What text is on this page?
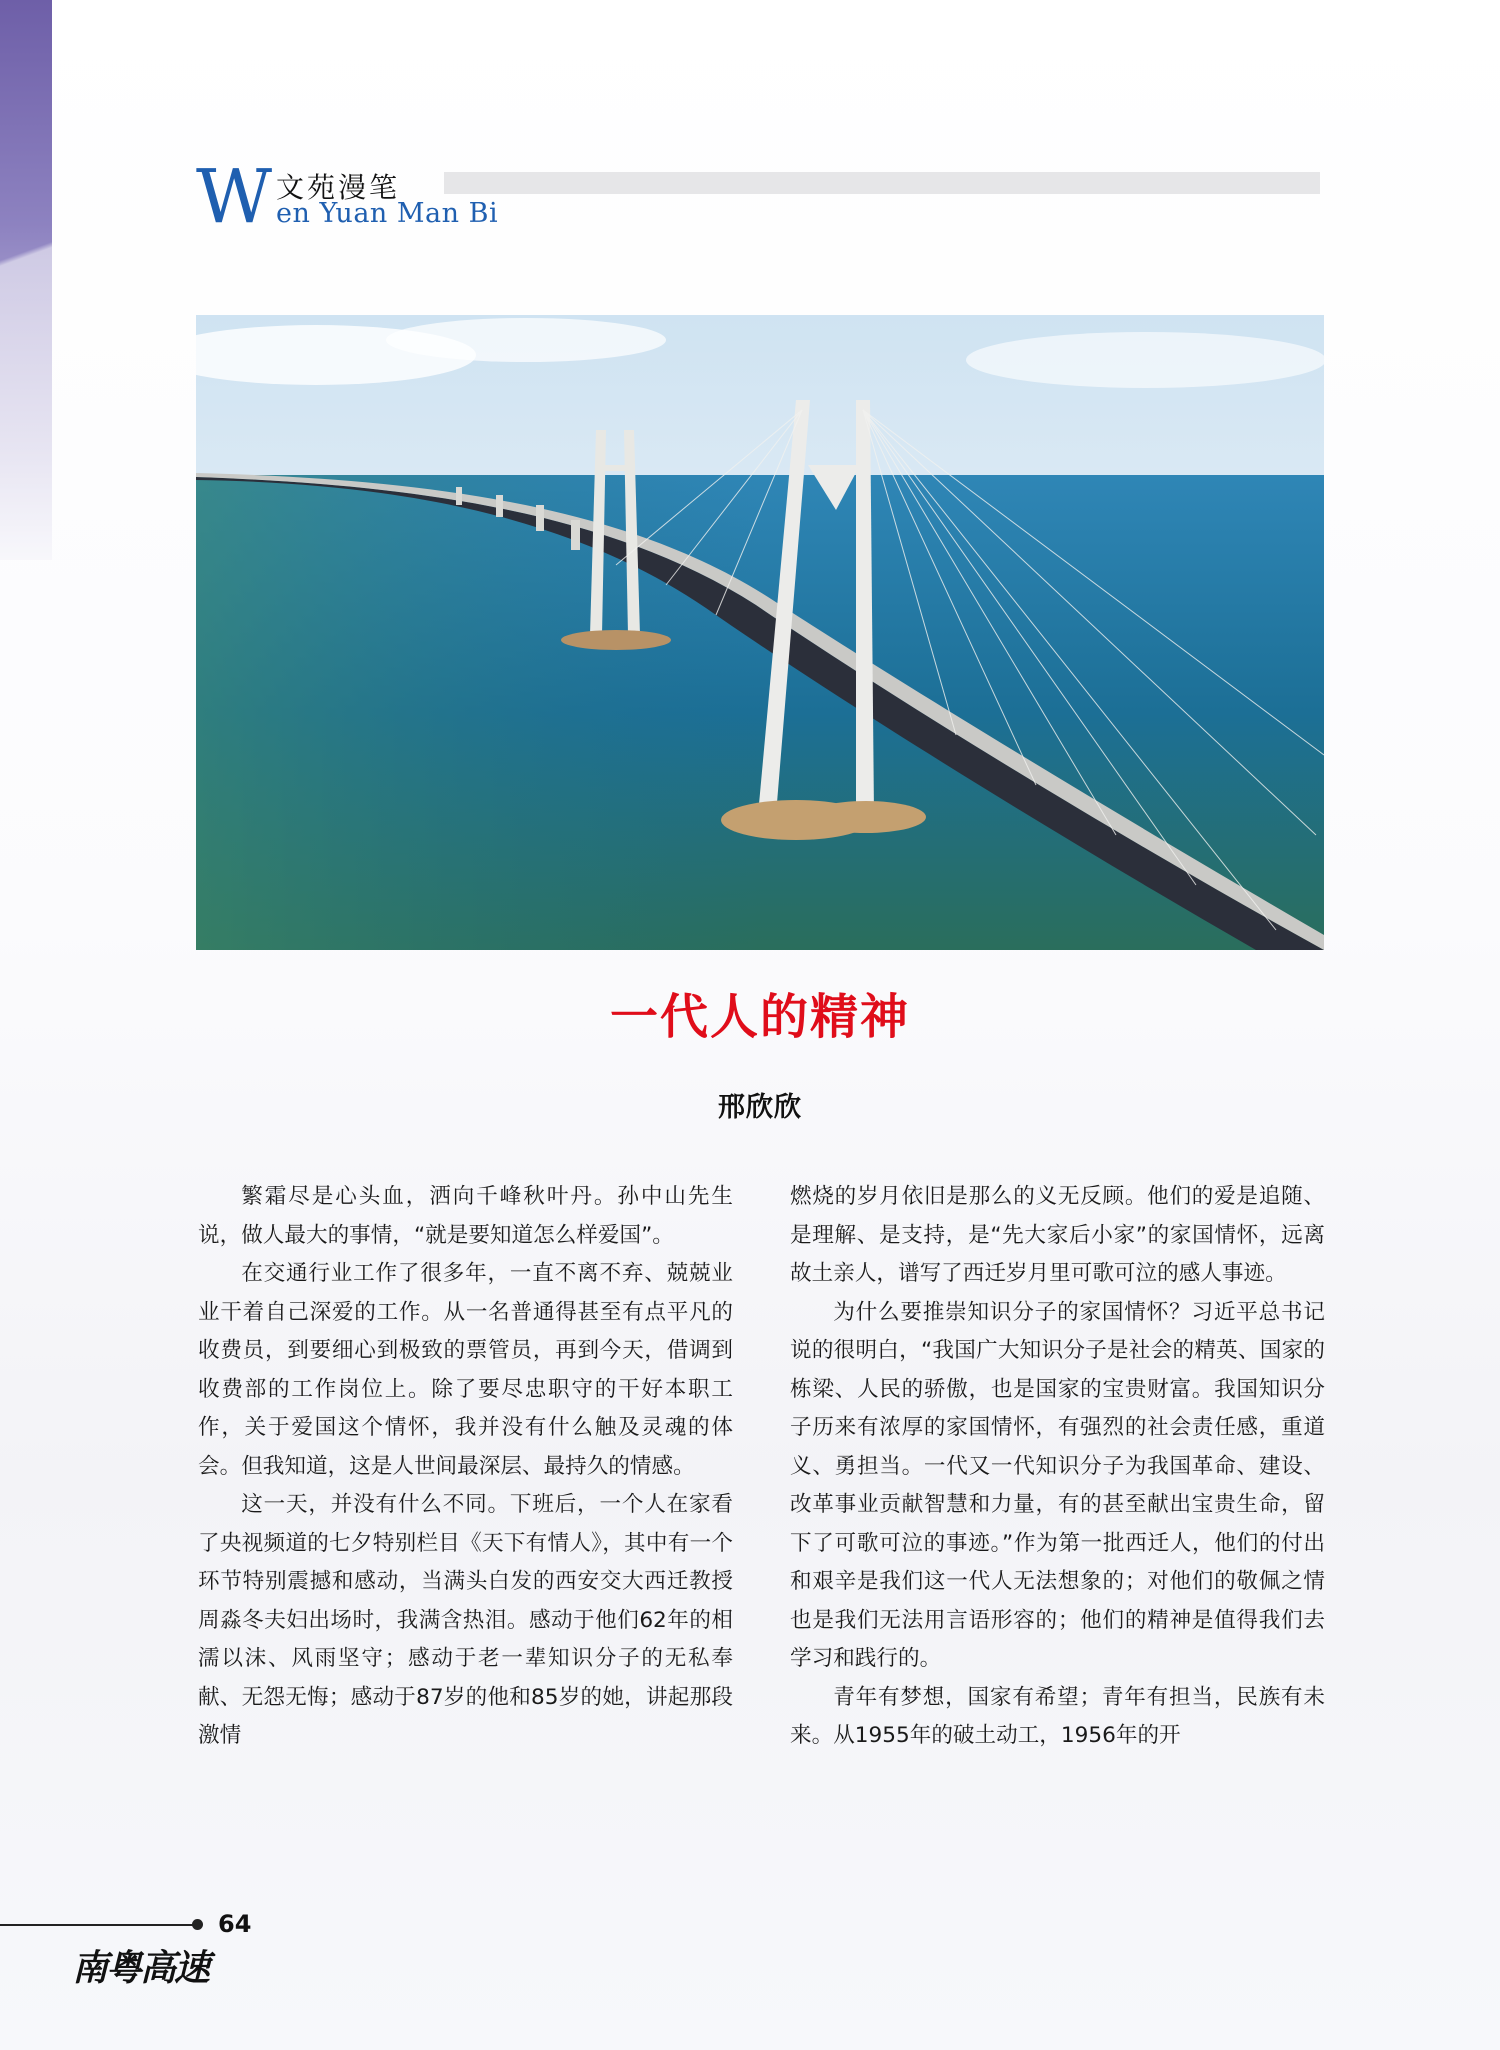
W 文苑漫笔
en Yuan Man Bi
一代人的精神
邢欣欣

繁霜尽是心头血，洒向千峰秋叶丹。孙中山先生说，做人最大的事情，“就是要知道怎么样爱国”。

在交通行业工作了很多年，一直不离不弃、兢兢业业干着自己深爱的工作。从一名普通得甚至有点平凡的收费员，到要细心到极致的票管员，再到今天，借调到收费部的工作岗位上。除了要尽忠职守的干好本职工作，关于爱国这个情怀，我并没有什么触及灵魂的体会。但我知道，这是人世间最深层、最持久的情感。

这一天，并没有什么不同。下班后，一个人在家看了央视频道的七夕特别栏目《天下有情人》，其中有一个环节特别震撼和感动，当满头白发的西安交大西迁教授周淼冬夫妇出场时，我满含热泪。感动于他们62年的相濡以沫、风雨坚守；感动于老一辈知识分子的无私奉献、无怨无悔；感动于87岁的他和85岁的她，讲起那段激情

燃烧的岁月依旧是那么的义无反顾。他们的爱是追随、是理解、是支持，是“先大家后小家”的家国情怀，远离故土亲人，谱写了西迁岁月里可歌可泣的感人事迹。

为什么要推崇知识分子的家国情怀？习近平总书记说的很明白，“我国广大知识分子是社会的精英、国家的栋梁、人民的骄傲，也是国家的宝贵财富。我国知识分子历来有浓厚的家国情怀，有强烈的社会责任感，重道义、勇担当。一代又一代知识分子为我国革命、建设、改革事业贡献智慧和力量，有的甚至献出宝贵生命，留下了可歌可泣的事迹。”作为第一批西迁人，他们的付出和艰辛是我们这一代人无法想象的；对他们的敬佩之情也是我们无法用言语形容的；他们的精神是值得我们去学习和践行的。

青年有梦想，国家有希望；青年有担当，民族有未来。从1955年的破土动工，1956年的开

64
南粤高速
